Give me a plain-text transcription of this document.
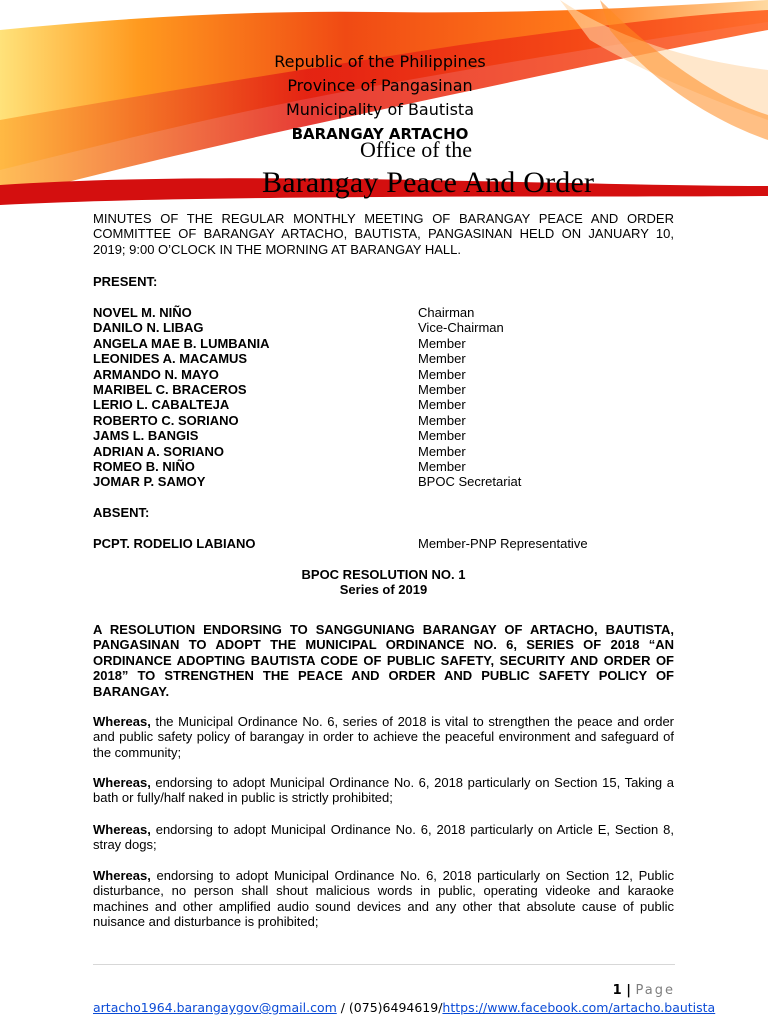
Republic of the Philippines
Province of Pangasinan
Municipality of Bautista
BARANGAY ARTACHO
Office of the
Barangay Peace And Order
MINUTES OF THE REGULAR MONTHLY MEETING OF BARANGAY PEACE AND ORDER COMMITTEE OF BARANGAY ARTACHO, BAUTISTA, PANGASINAN HELD ON JANUARY 10, 2019; 9:00 O’CLOCK IN THE MORNING AT BARANGAY HALL.
PRESENT:
NOVEL M. NIÑO	Chairman
DANILO N. LIBAG	Vice-Chairman
ANGELA MAE B. LUMBANIA	Member
LEONIDES A. MACAMUS	Member
ARMANDO N. MAYO	Member
MARIBEL C. BRACEROS	Member
LERIO L. CABALTEJA	Member
ROBERTO C. SORIANO	Member
JAMS L. BANGIS	Member
ADRIAN A. SORIANO	Member
ROMEO B. NIÑO	Member
JOMAR P. SAMOY	BPOC Secretariat
ABSENT:
PCPT. RODELIO LABIANO	Member-PNP Representative
BPOC RESOLUTION NO. 1
Series of 2019
A RESOLUTION ENDORSING TO SANGGUNIANG BARANGAY OF ARTACHO, BAUTISTA, PANGASINAN TO ADOPT THE MUNICIPAL ORDINANCE NO. 6, SERIES OF 2018 “AN ORDINANCE ADOPTING BAUTISTA CODE OF PUBLIC SAFETY, SECURITY AND ORDER OF 2018” TO STRENGTHEN THE PEACE AND ORDER AND PUBLIC SAFETY POLICY OF BARANGAY.
Whereas, the Municipal Ordinance No. 6, series of 2018 is vital to strengthen the peace and order and public safety policy of barangay in order to achieve the peaceful environment and safeguard of the community;
Whereas, endorsing to adopt Municipal Ordinance No. 6, 2018 particularly on Section 15, Taking a bath or fully/half naked in public is strictly prohibited;
Whereas, endorsing to adopt Municipal Ordinance No. 6, 2018 particularly on Article E, Section 8, stray dogs;
Whereas, endorsing to adopt Municipal Ordinance No. 6, 2018 particularly on Section 12, Public disturbance, no person shall shout malicious words in public, operating videoke and karaoke machines and other amplified audio sound devices and any other that absolute cause of public nuisance and disturbance is prohibited;
1 | Page
artacho1964.barangaygov@gmail.com / (075)6494619/https://www.facebook.com/artacho.bautista
